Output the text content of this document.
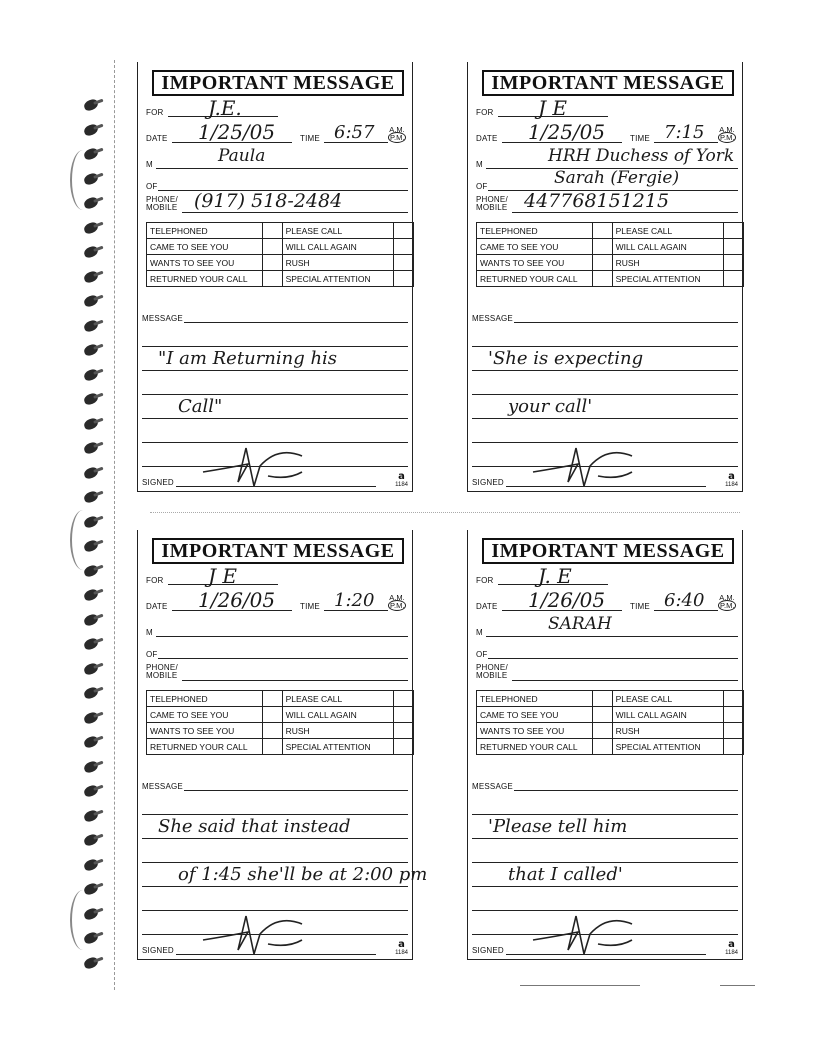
IMPORTANT MESSAGE
FOR J.E.
DATE 1/25/05	TIME 6:57 A.M.
P.M.
M	Paula
OF
PHONE/
MOBILE (917) 518-2484
TELEPHONED		PLEASE CALL	
CAME TO SEE YOU		WILL CALL AGAIN	
WANTS TO SEE YOU		RUSH	
RETURNED YOUR CALL		SPECIAL ATTENTION	
MESSAGE
"I am Returning his
Call"
SIGNED
a
1184
IMPORTANT MESSAGE
FOR J E
DATE 1/25/05	TIME 7:15 A.M.
P.M.
M	HRH Duchess of York
OF	Sarah (Fergie)
PHONE/
MOBILE 447768151215
TELEPHONED		PLEASE CALL	
CAME TO SEE YOU		WILL CALL AGAIN	
WANTS TO SEE YOU		RUSH	
RETURNED YOUR CALL		SPECIAL ATTENTION	
MESSAGE
'She is expecting
your call'
SIGNED
a
1184
IMPORTANT MESSAGE
FOR J E
DATE 1/26/05	TIME 1:20 A.M.
P.M.
M
OF
PHONE/
MOBILE
TELEPHONED		PLEASE CALL	
CAME TO SEE YOU		WILL CALL AGAIN	
WANTS TO SEE YOU		RUSH	
RETURNED YOUR CALL		SPECIAL ATTENTION	
MESSAGE
She said that instead
of 1:45 she'll be at 2:00 pm
SIGNED
a
1184
IMPORTANT MESSAGE
FOR J. E
DATE 1/26/05	TIME 6:40 A.M.
P.M.
M	SARAH
OF
PHONE/
MOBILE
TELEPHONED		PLEASE CALL	
CAME TO SEE YOU		WILL CALL AGAIN	
WANTS TO SEE YOU		RUSH	
RETURNED YOUR CALL		SPECIAL ATTENTION	
MESSAGE
'Please tell him
that I called'
SIGNED
a
1184
